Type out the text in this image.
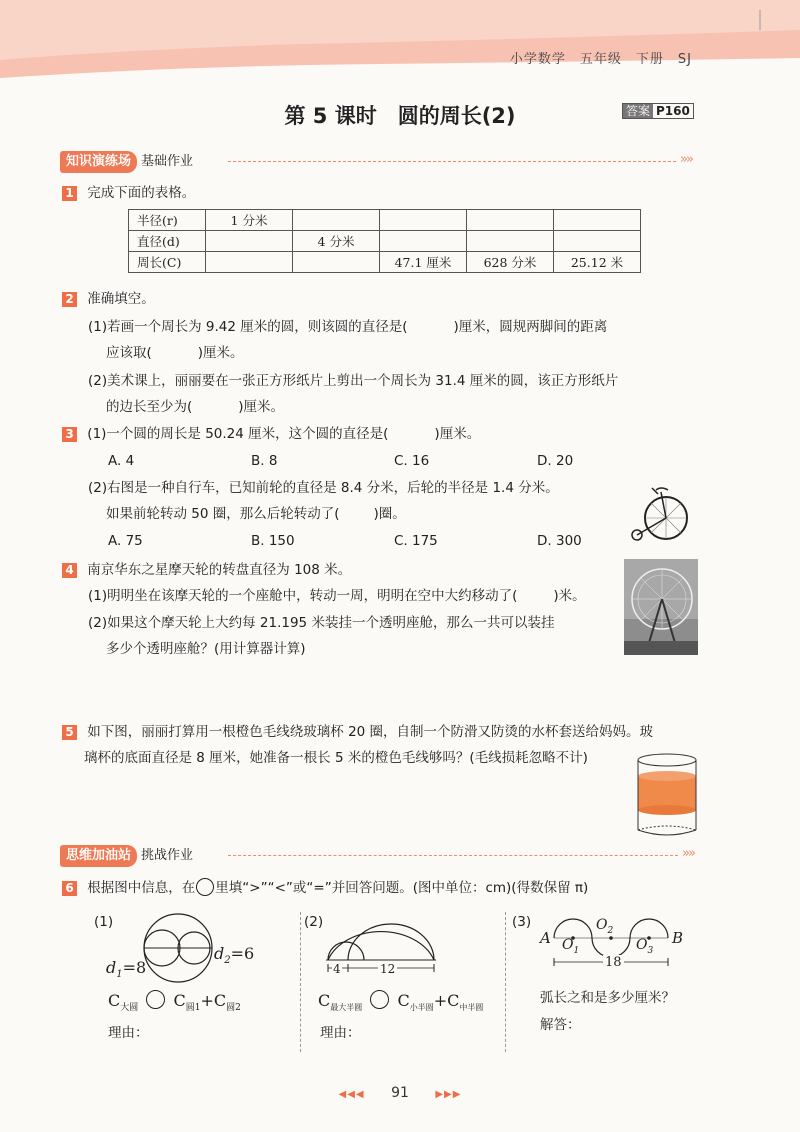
小学数学　五年级　下册　SJ
第 5 课时　圆的周长(2)	答案 P160
知识演练场 基础作业	»»
1 完成下面的表格。
半径(r)	1 分米				
直径(d)		4 分米			
周长(C)			47.1 厘米	628 分米	25.12 米
2 准确填空。
(1)若画一个周长为 9.42 厘米的圆，则该圆的直径是(	)厘米，圆规两脚间的距离
应该取(	)厘米。
(2)美术课上，丽丽要在一张正方形纸片上剪出一个周长为 31.4 厘米的圆，该正方形纸片
的边长至少为(	)厘米。
3 (1)一个圆的周长是 50.24 厘米，这个圆的直径是(	)厘米。
A. 4	B. 8	C. 16	D. 20
(2)右图是一种自行车，已知前轮的直径是 8.4 分米，后轮的半径是 1.4 分米。
如果前轮转动 50 圈，那么后轮转动了(	)圈。
A. 75	B. 150	C. 175	D. 300
4 南京华东之星摩天轮的转盘直径为 108 米。
(1)明明坐在该摩天轮的一个座舱中，转动一周，明明在空中大约移动了(	)米。
(2)如果这个摩天轮上大约每 21.195 米装挂一个透明座舱，那么一共可以装挂
多少个透明座舱？(用计算器计算)
5 如下图，丽丽打算用一根橙色毛线绕玻璃杯 20 圈，自制一个防滑又防烫的水杯套送给妈妈。玻
璃杯的底面直径是 8 厘米，她准备一根长 5 米的橙色毛线够吗？(毛线损耗忽略不计)
思维加油站 挑战作业	»»
6 根据图中信息，在 里填“>”“<”或“=”并回答问题。(图中单位：cm)(得数保留 π)
(1)
$d_1=8$
$d_2=6$
$C_{大圆}$ $C_{圆1}+C_{圆2}$
理由：
(2)
4	12
$C_{最大半圆}$ $C_{小半圆}+C_{中半圆}$
理由：
(3)
A	B
$O_1$
$O_2$
$O_3$
18
弧长之和是多少厘米？
解答：
◀◀◀ 91	▶▶▶
